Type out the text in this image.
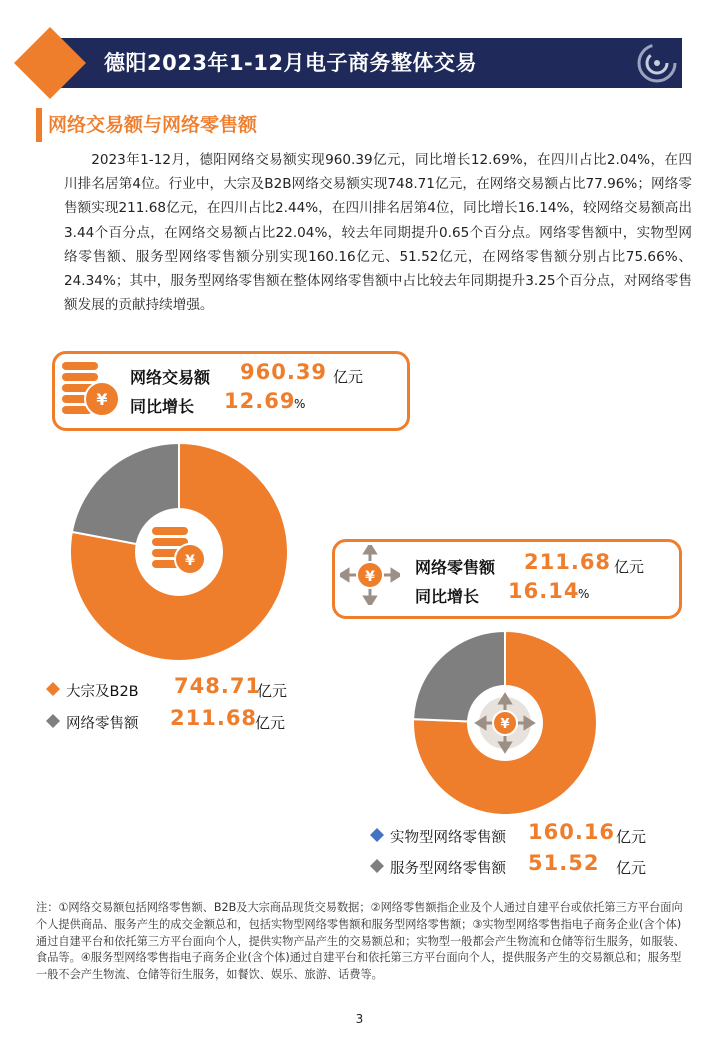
德阳2023年1-12月电子商务整体交易
网络交易额与网络零售额
2023年1-12月，德阳网络交易额实现960.39亿元，同比增长12.69%，在四川占比2.04%，在四川排名居第4位。行业中，大宗及B2B网络交易额实现748.71亿元，在网络交易额占比77.96%；网络零售额实现211.68亿元，在四川占比2.44%，在四川排名居第4位，同比增长16.14%，较网络交易额高出3.44个百分点，在网络交易额占比22.04%，较去年同期提升0.65个百分点。网络零售额中，实物型网络零售额、服务型网络零售额分别实现160.16亿元、51.52亿元，在网络零售额分别占比75.66%、24.34%；其中，服务型网络零售额在整体网络零售额中占比较去年同期提升3.25个百分点，对网络零售额发展的贡献持续增强。
¥
网络交易额 960.39 亿元
同比增长 12.69
%
¥
大宗及B2B 748.71
亿元
网络零售额 211.68
亿元
¥	网络零售额 211.68 亿元
同比增长 16.14
%
¥
实物型网络零售额 160.16 亿元
服务型网络零售额 51.52 亿元
注：①网络交易额包括网络零售额、B2B及大宗商品现货交易数据；②网络零售额指企业及个人通过自建平台或依托第三方平台面向个人提供商品、服务产生的成交金额总和，包括实物型网络零售额和服务型网络零售额；③实物型网络零售指电子商务企业(含个体)通过自建平台和依托第三方平台面向个人，提供实物产品产生的交易额总和；实物型一般都会产生物流和仓储等衍生服务，如服装、食品等。④服务型网络零售指电子商务企业(含个体)通过自建平台和依托第三方平台面向个人，提供服务产生的交易额总和；服务型一般不会产生物流、仓储等衍生服务，如餐饮、娱乐、旅游、话费等。
3
